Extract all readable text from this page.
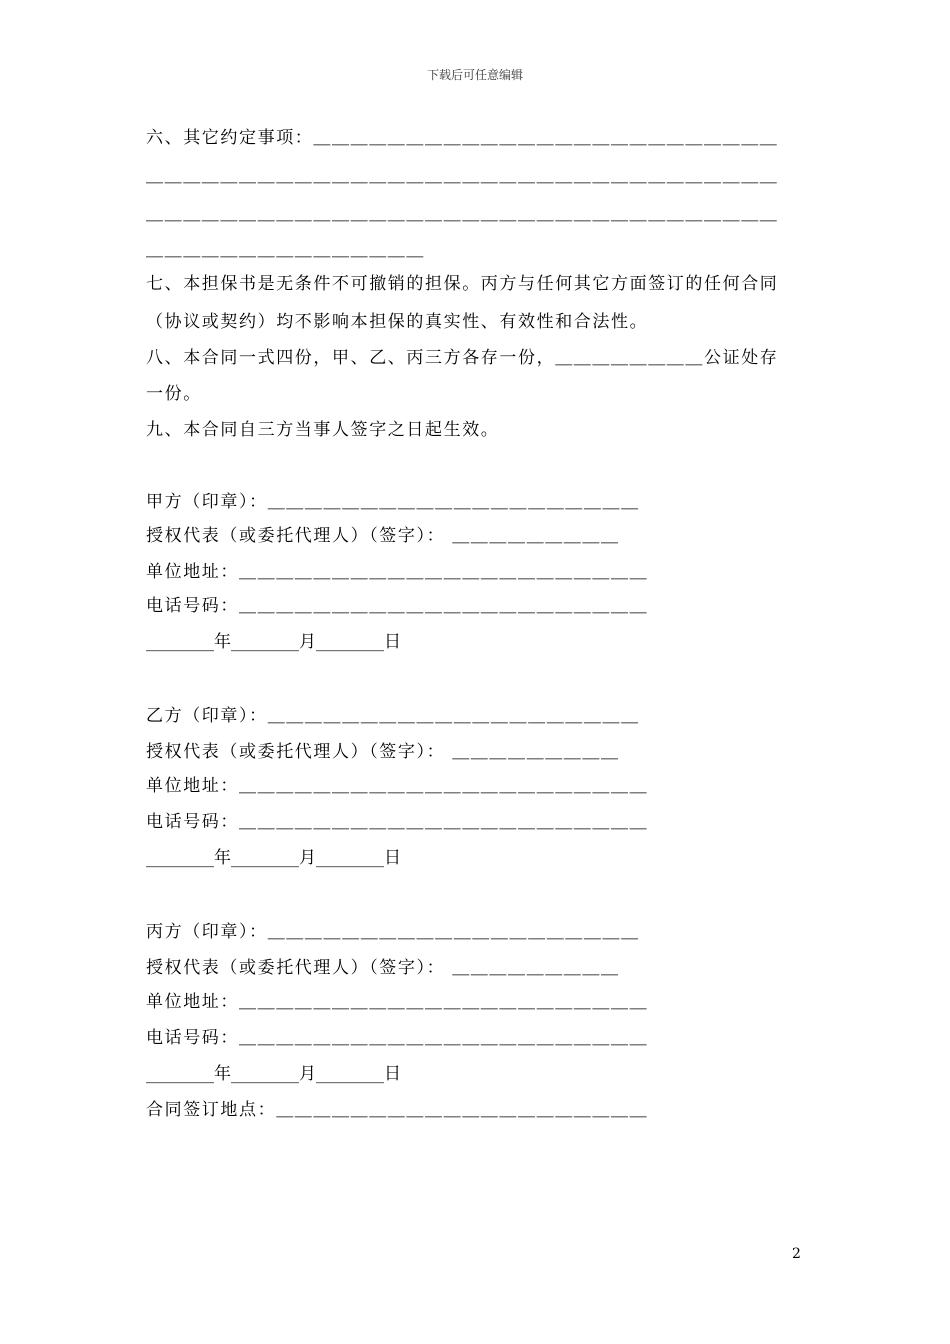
下载后可任意编辑
六、其它约定事项：＿＿＿＿＿＿＿＿＿＿＿＿＿＿＿＿＿＿＿＿＿＿＿＿＿
＿＿＿＿＿＿＿＿＿＿＿＿＿＿＿＿＿＿＿＿＿＿＿＿＿＿＿＿＿＿＿＿＿＿
＿＿＿＿＿＿＿＿＿＿＿＿＿＿＿＿＿＿＿＿＿＿＿＿＿＿＿＿＿＿＿＿＿＿
＿＿＿＿＿＿＿＿＿＿＿＿＿＿＿
七、本担保书是无条件不可撤销的担保。丙方与任何其它方面签订的任何合同
（协议或契约）均不影响本担保的真实性、有效性和合法性。
八、本合同一式四份，甲、乙、丙三方各存一份，＿＿＿＿＿＿＿＿公证处存
一份。
九、本合同自三方当事人签字之日起生效。
甲方（印章）：＿＿＿＿＿＿＿＿＿＿＿＿＿＿＿＿＿＿＿＿
授权代表（或委托代理人）（签字）： ＿＿＿＿＿＿＿＿＿
单位地址：＿＿＿＿＿＿＿＿＿＿＿＿＿＿＿＿＿＿＿＿＿＿
电话号码：＿＿＿＿＿＿＿＿＿＿＿＿＿＿＿＿＿＿＿＿＿＿
________年________月________日
乙方（印章）：＿＿＿＿＿＿＿＿＿＿＿＿＿＿＿＿＿＿＿＿
授权代表（或委托代理人）（签字）： ＿＿＿＿＿＿＿＿＿
单位地址：＿＿＿＿＿＿＿＿＿＿＿＿＿＿＿＿＿＿＿＿＿＿
电话号码：＿＿＿＿＿＿＿＿＿＿＿＿＿＿＿＿＿＿＿＿＿＿
________年________月________日
丙方（印章）：＿＿＿＿＿＿＿＿＿＿＿＿＿＿＿＿＿＿＿＿
授权代表（或委托代理人）（签字）： ＿＿＿＿＿＿＿＿＿
单位地址：＿＿＿＿＿＿＿＿＿＿＿＿＿＿＿＿＿＿＿＿＿＿
电话号码：＿＿＿＿＿＿＿＿＿＿＿＿＿＿＿＿＿＿＿＿＿＿
________年________月________日
合同签订地点：＿＿＿＿＿＿＿＿＿＿＿＿＿＿＿＿＿＿＿＿
2
